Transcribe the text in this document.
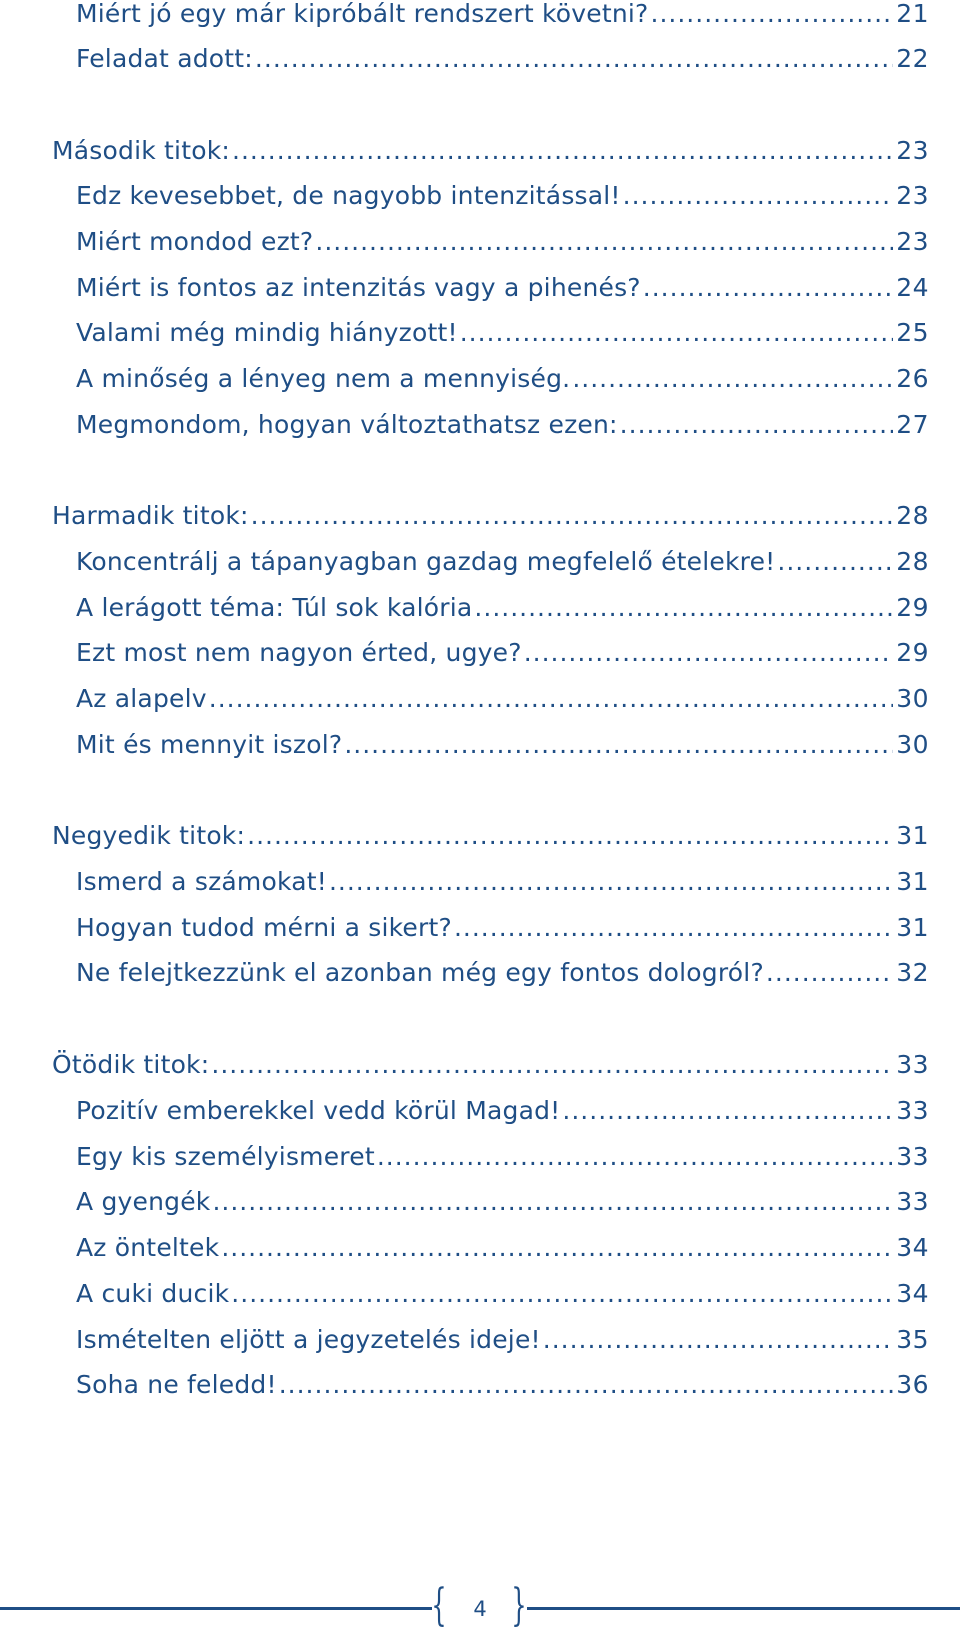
Miért jó egy már kipróbált rendszert követni? .....	21
Feladat adott: .....	22
Második titok: .....	23
Edz kevesebbet, de nagyobb intenzitással! .....	23
Miért mondod ezt? .....	23
Miért is fontos az intenzitás vagy a pihenés? .....	24
Valami még mindig hiányzott! .....	25
A minőség a lényeg nem a mennyiség. .....	26
Megmondom, hogyan változtathatsz ezen: .....	27
Harmadik titok: .....	28
Koncentrálj a tápanyagban gazdag megfelelő ételekre! .....	28
A lerágott téma: Túl sok kalória .....	29
Ezt most nem nagyon érted, ugye? .....	29
Az alapelv .....	30
Mit és mennyit iszol? .....	30
Negyedik titok: .....	31
Ismerd a számokat! .....	31
Hogyan tudod mérni a sikert? .....	31
Ne felejtkezzünk el azonban még egy fontos dologról? .....	32
Ötödik titok: .....	33
Pozitív emberekkel vedd körül Magad! .....	33
Egy kis személyismeret .....	33
A gyengék .....	33
Az önteltek .....	34
A cuki ducik .....	34
Ismételten eljött a jegyzetelés ideje! .....	35
Soha ne feledd! .....	36
{	4 }
